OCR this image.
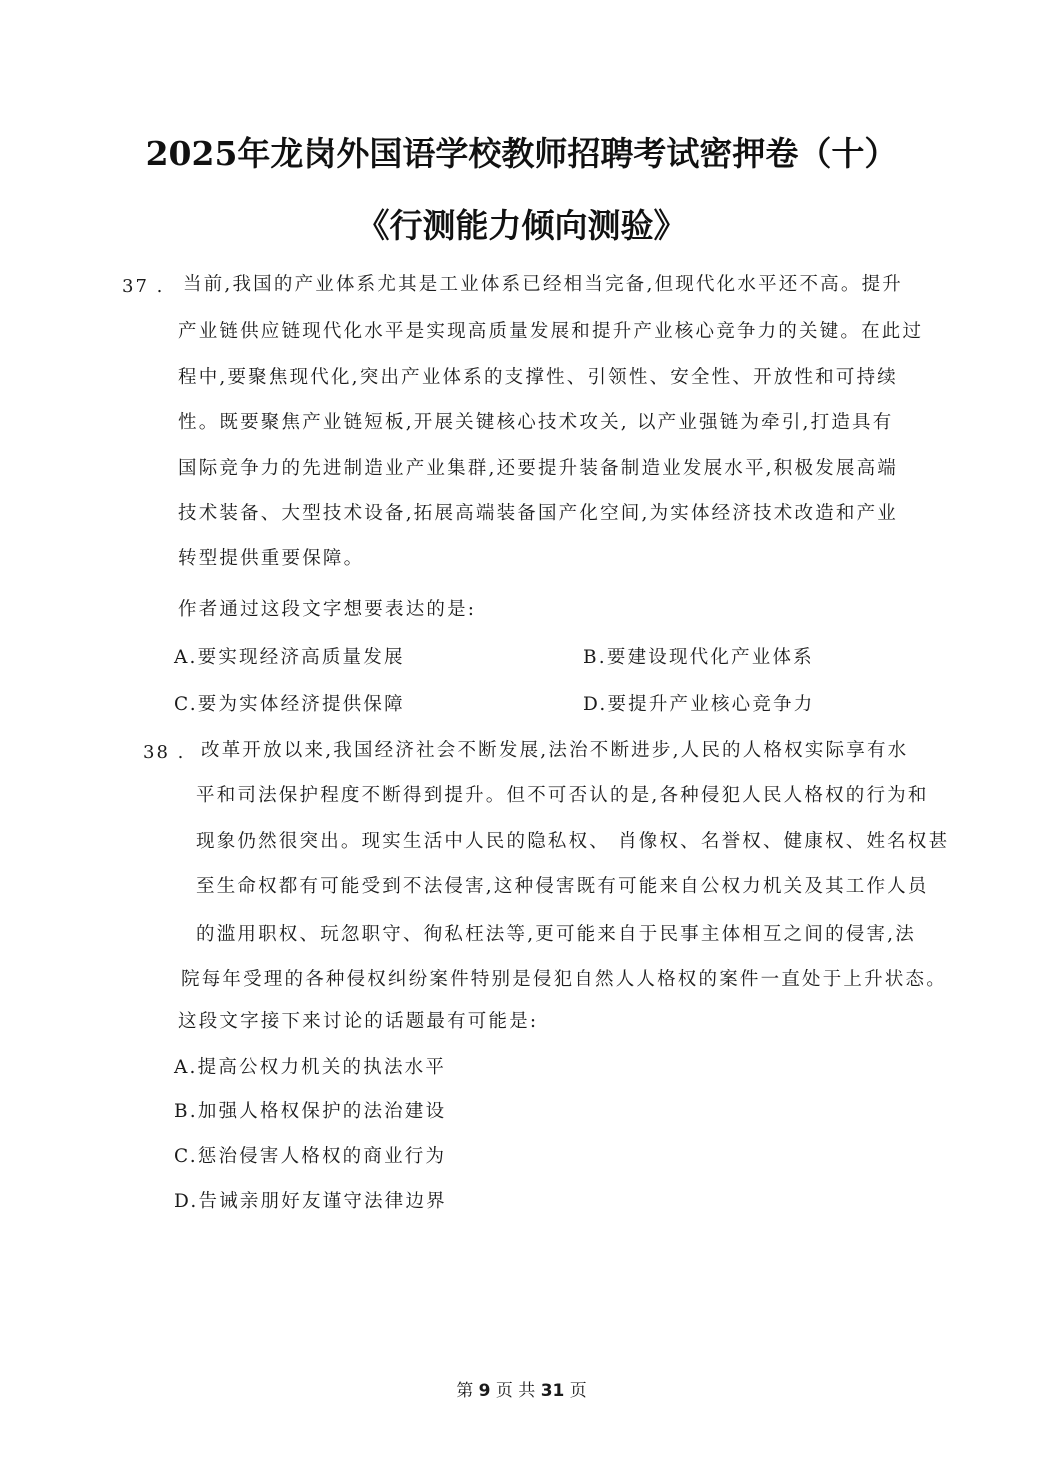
2025年龙岗外国语学校教师招聘考试密押卷（十）
《行测能力倾向测验》
37 . 当前,我国的产业体系尤其是工业体系已经相当完备,但现代化水平还不高。提升
产业链供应链现代化水平是实现高质量发展和提升产业核心竞争力的关键。在此过
程中,要聚焦现代化,突出产业体系的支撑性、引领性、安全性、开放性和可持续
性。既要聚焦产业链短板,开展关键核心技术攻关, 以产业强链为牵引,打造具有
国际竞争力的先进制造业产业集群,还要提升装备制造业发展水平,积极发展高端
技术装备、大型技术设备,拓展高端装备国产化空间,为实体经济技术改造和产业
转型提供重要保障。
作者通过这段文字想要表达的是:
A.要实现经济高质量发展	B.要建设现代化产业体系
C.要为实体经济提供保障	D.要提升产业核心竞争力
38 . 改革开放以来,我国经济社会不断发展,法治不断进步,人民的人格权实际享有水
平和司法保护程度不断得到提升。但不可否认的是,各种侵犯人民人格权的行为和
现象仍然很突出。现实生活中人民的隐私权、 肖像权、名誉权、健康权、姓名权甚
至生命权都有可能受到不法侵害,这种侵害既有可能来自公权力机关及其工作人员
的滥用职权、玩忽职守、徇私枉法等,更可能来自于民事主体相互之间的侵害,法
院每年受理的各种侵权纠纷案件特别是侵犯自然人人格权的案件一直处于上升状态。
这段文字接下来讨论的话题最有可能是:
A.提高公权力机关的执法水平
B.加强人格权保护的法治建设
C.惩治侵害人格权的商业行为
D.告诫亲朋好友谨守法律边界
第 9 页 共 31 页
